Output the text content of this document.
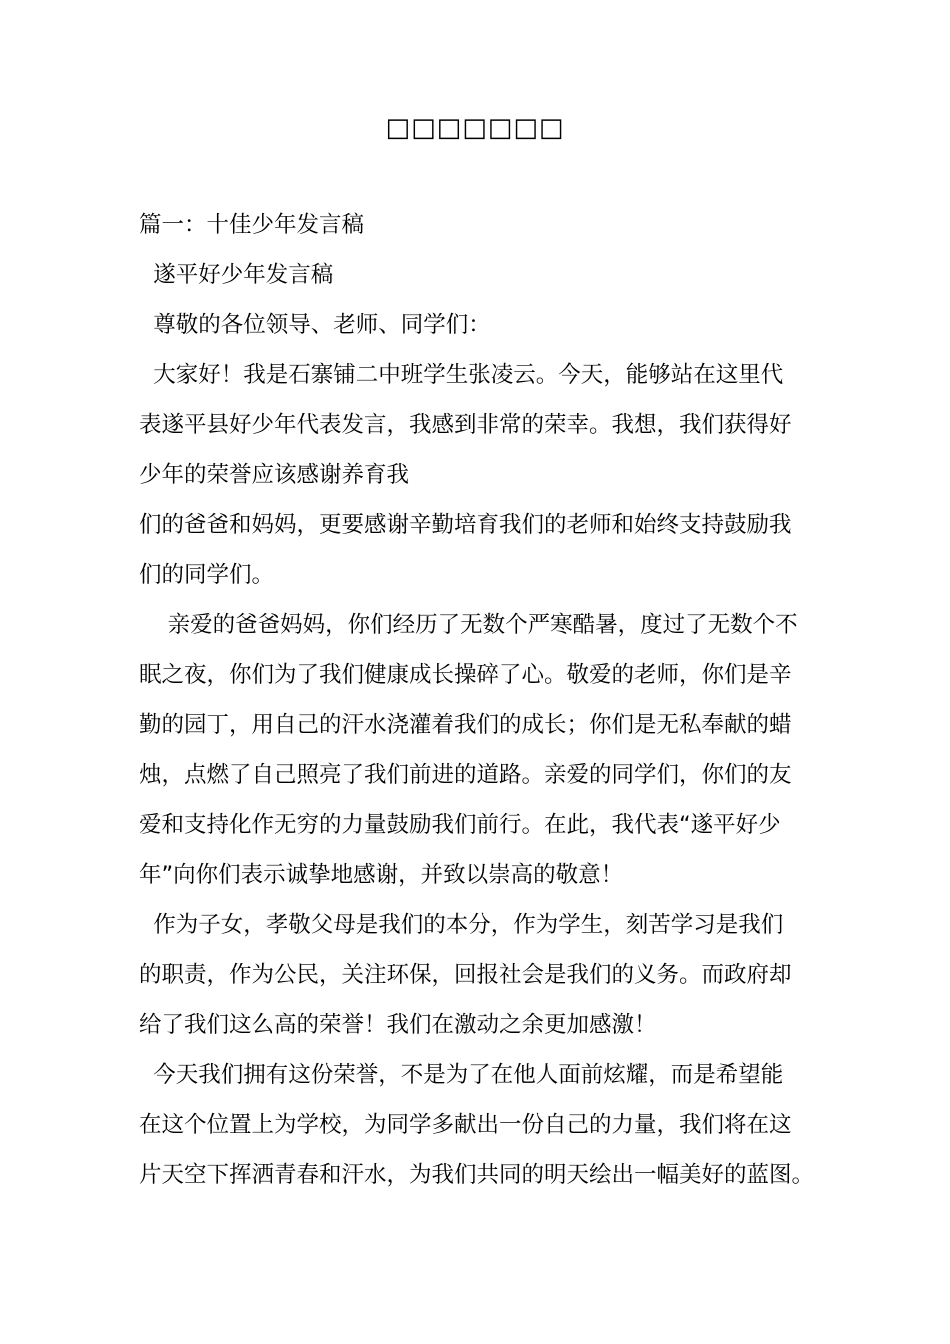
□□□□□□□
篇一：十佳少年发言稿
遂平好少年发言稿
尊敬的各位领导、老师、同学们：
大家好！我是石寨铺二中班学生张凌云。今天，能够站在这里代
表遂平县好少年代表发言，我感到非常的荣幸。我想，我们获得好
少年的荣誉应该感谢养育我
们的爸爸和妈妈，更要感谢辛勤培育我们的老师和始终支持鼓励我
们的同学们。
亲爱的爸爸妈妈，你们经历了无数个严寒酷暑，度过了无数个不
眠之夜，你们为了我们健康成长操碎了心。敬爱的老师，你们是辛
勤的园丁，用自己的汗水浇灌着我们的成长；你们是无私奉献的蜡
烛，点燃了自己照亮了我们前进的道路。亲爱的同学们，你们的友
爱和支持化作无穷的力量鼓励我们前行。在此，我代表“遂平好少
年”向你们表示诚挚地感谢，并致以崇高的敬意！
作为子女，孝敬父母是我们的本分，作为学生，刻苦学习是我们
的职责，作为公民，关注环保，回报社会是我们的义务。而政府却
给了我们这么高的荣誉！我们在激动之余更加感激！
今天我们拥有这份荣誉，不是为了在他人面前炫耀，而是希望能
在这个位置上为学校，为同学多献出一份自己的力量，我们将在这
片天空下挥洒青春和汗水，为我们共同的明天绘出一幅美好的蓝图。
